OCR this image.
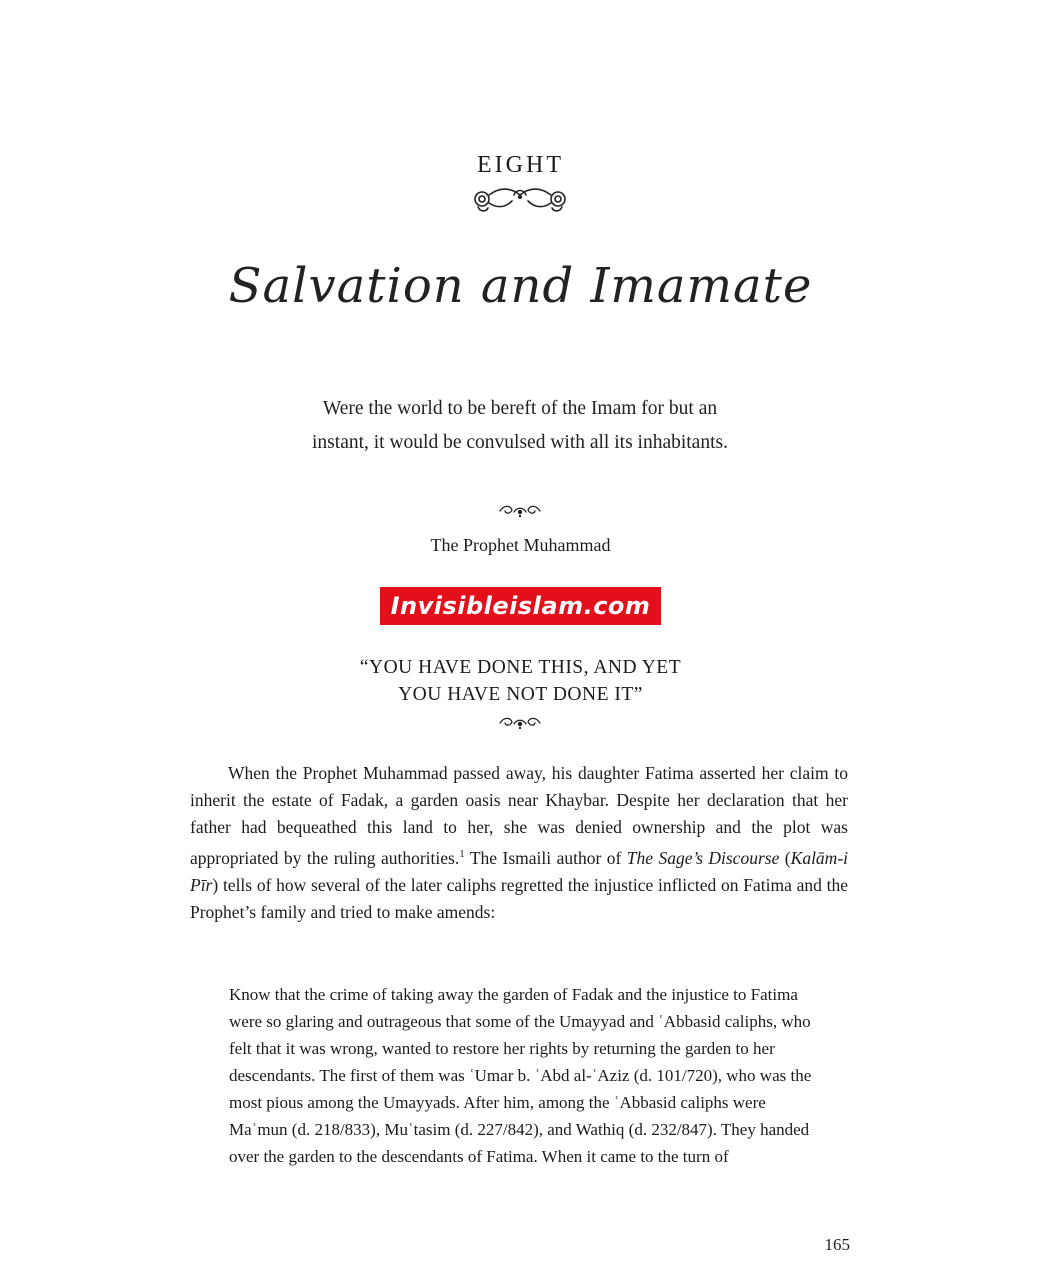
EIGHT
Salvation and Imamate
Were the world to be bereft of the Imam for but an instant, it would be convulsed with all its inhabitants.
The Prophet Muhammad
Invisibleislam.com
“YOU HAVE DONE THIS, AND YET
YOU HAVE NOT DONE IT”

When the Prophet Muhammad passed away, his daughter Fatima asserted her claim to inherit the estate of Fadak, a garden oasis near Khaybar. Despite her declaration that her father had bequeathed this land to her, she was denied ownership and the plot was appropriated by the ruling authorities.$^1$ The Ismaili author of The Sage’s Discourse (Kalām-i Pīr) tells of how several of the later caliphs regretted the injustice inflicted on Fatima and the Prophet’s family and tried to make amends:

Know that the crime of taking away the garden of Fadak and the injustice to Fatima were so glaring and outrageous that some of the Umayyad and ʿAbbasid caliphs, who felt that it was wrong, wanted to restore her rights by returning the garden to her descendants. The first of them was ʿUmar b. ʿAbd al-ʿAziz (d. 101/720), who was the most pious among the Umayyads. After him, among the ʿAbbasid caliphs were Maʾmun (d. 218/833), Muʿtasim (d. 227/842), and Wathiq (d. 232/847). They handed over the garden to the descendants of Fatima. When it came to the turn of

165
